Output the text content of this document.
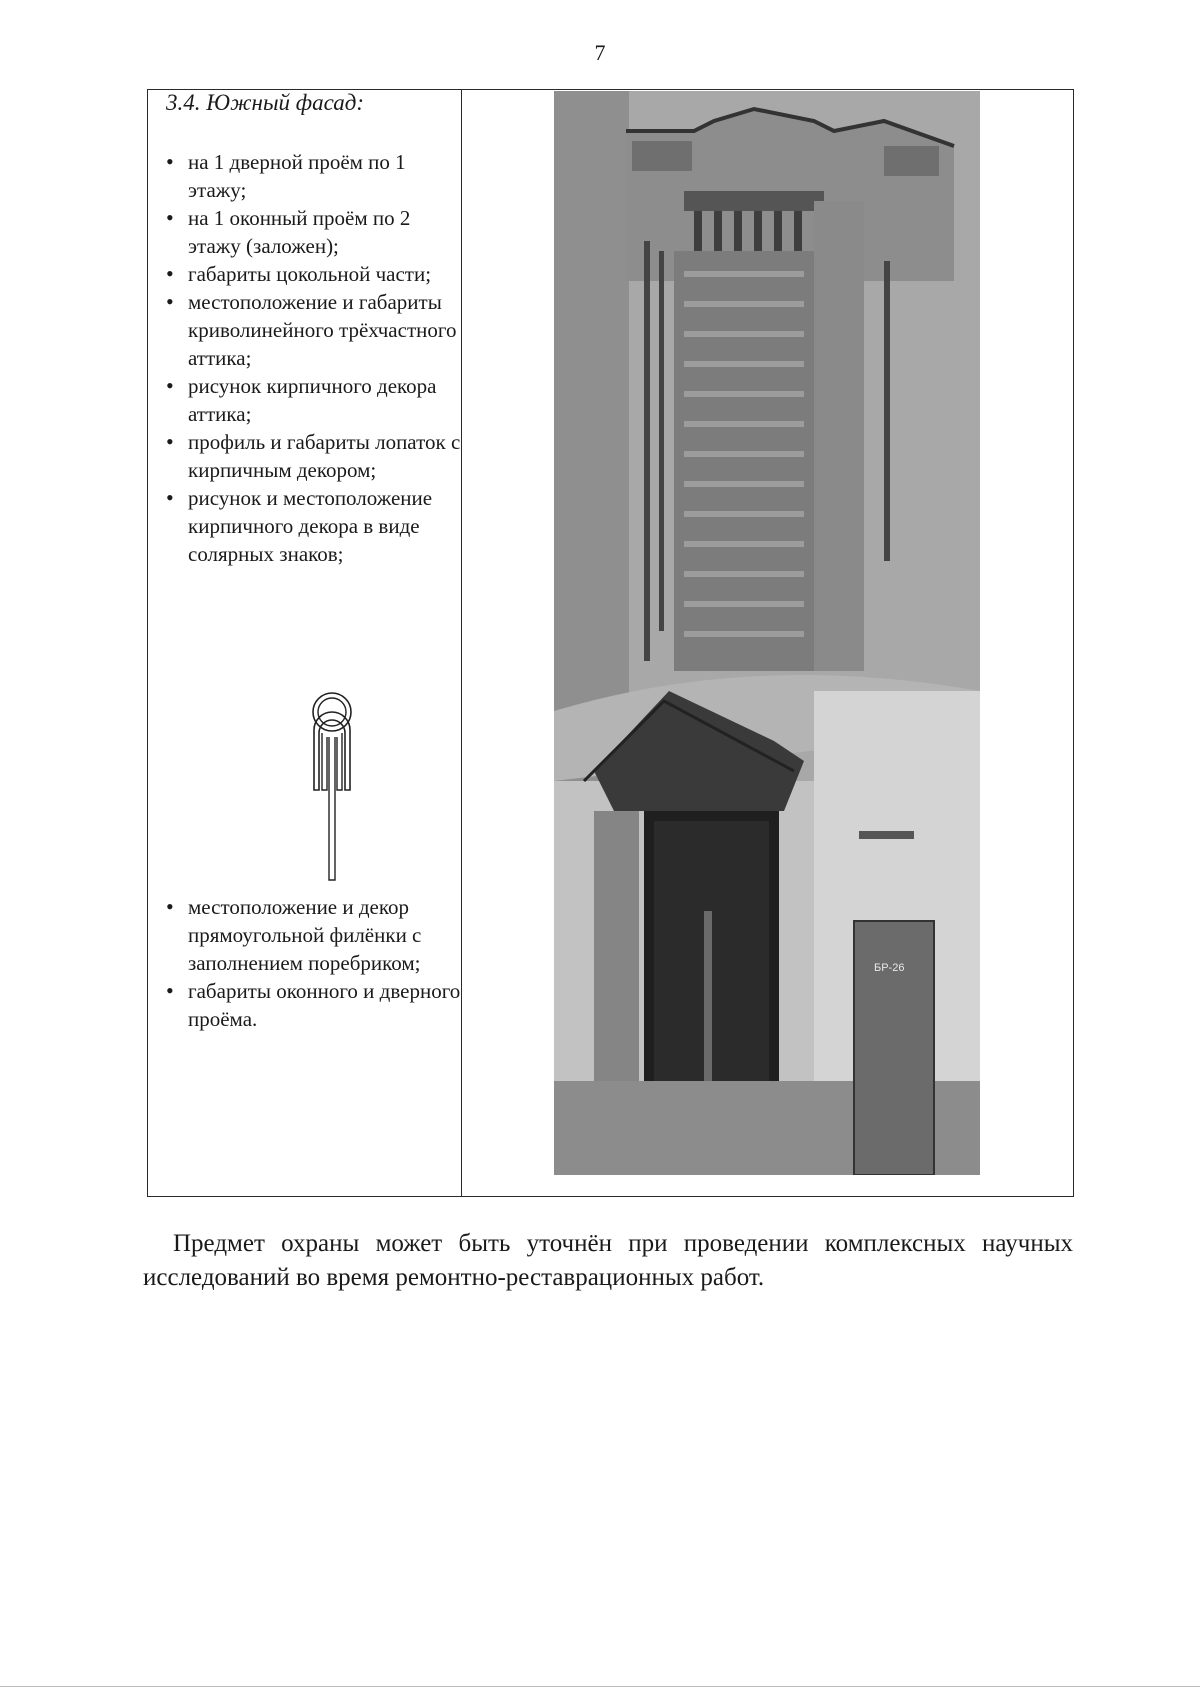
7

3.4. Южный фасад:

• на 1 дверной проём по 1 этажу;
• на 1 оконный проём по 2 этажу (заложен);
• габариты цокольной части;
• местоположение и габариты криволинейного трёхчастного аттика;
• рисунок кирпичного декора аттика;
• профиль и габариты лопаток с кирпичным декором;
• рисунок и местоположение кирпичного декора в виде солярных знаков;
• местоположение и декор прямоугольной филёнки с заполнением поребриком;
• габариты оконного и дверного проёма.
БР-26

Предмет охраны может быть уточнён при проведении комплексных научных исследований во время ремонтно-реставрационных работ.
